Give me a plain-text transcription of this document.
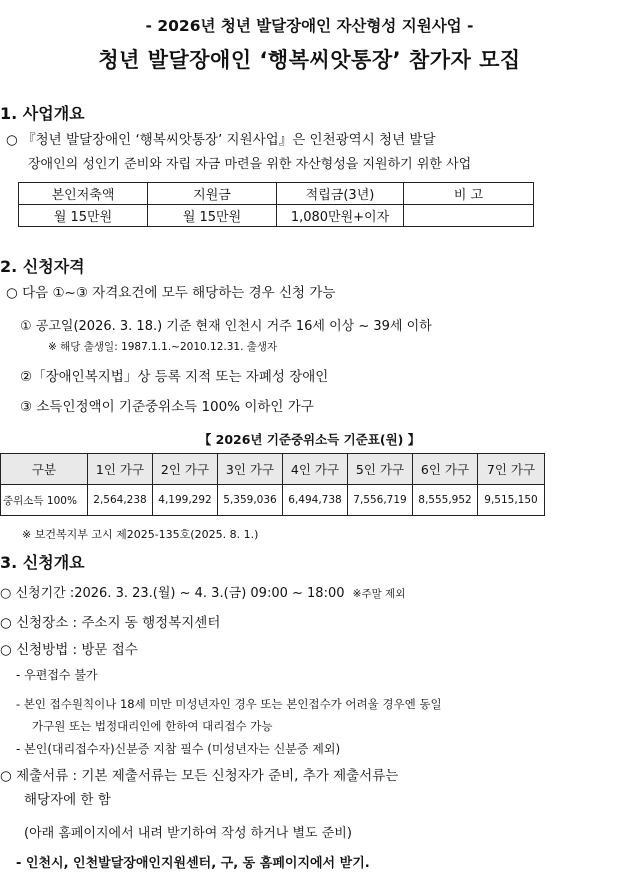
- 2026년 청년 발달장애인 자산형성 지원사업 -
청년 발달장애인 ‘행복씨앗통장’ 참가자 모집
1. 사업개요
○ 『청년 발달장애인 ‘행복씨앗통장’ 지원사업』은 인천광역시 청년 발달
장애인의 성인기 준비와 자립 자금 마련을 위한 자산형성을 지원하기 위한 사업
본인저축액	지원금	적립금(3년)	비 고
월 15만원	월 15만원	1,080만원+이자	
2. 신청자격
○ 다음 ①~③ 자격요건에 모두 해당하는 경우 신청 가능
① 공고일(2026. 3. 18.) 기준 현재 인천시 거주 16세 이상 ~ 39세 이하
※ 해당 출생일: 1987.1.1.~2010.12.31. 출생자
②「장애인복지법」상 등록 지적 또는 자폐성 장애인
③ 소득인정액이 기준중위소득 100% 이하인 가구
【 2026년 기준중위소득 기준표(원) 】
구분	1인 가구	2인 가구	3인 가구	4인 가구	5인 가구	6인 가구	7인 가구
중위소득 100%	2,564,238	4,199,292	5,359,036	6,494,738	7,556,719	8,555,952	9,515,150
※ 보건복지부 고시 제2025-135호(2025. 8. 1.)
3. 신청개요
○ 신청기간 :2026. 3. 23.(월) ~ 4. 3.(금) 09:00 ~ 18:00 ※주말 제외
○ 신청장소 : 주소지 동 행정복지센터
○ 신청방법 : 방문 접수
- 우편접수 불가
- 본인 접수원칙이나 18세 미만 미성년자인 경우 또는 본인접수가 어려울 경우엔 동일
가구원 또는 법정대리인에 한하여 대리접수 가능
- 본인(대리접수자)신분증 지참 필수 (미성년자는 신분증 제외)
○ 제출서류 : 기본 제출서류는 모든 신청자가 준비, 추가 제출서류는
해당자에 한 함
(아래 홈페이지에서 내려 받기하여 작성 하거나 별도 준비)
- 인천시, 인천발달장애인지원센터, 구, 동 홈페이지에서 받기.
